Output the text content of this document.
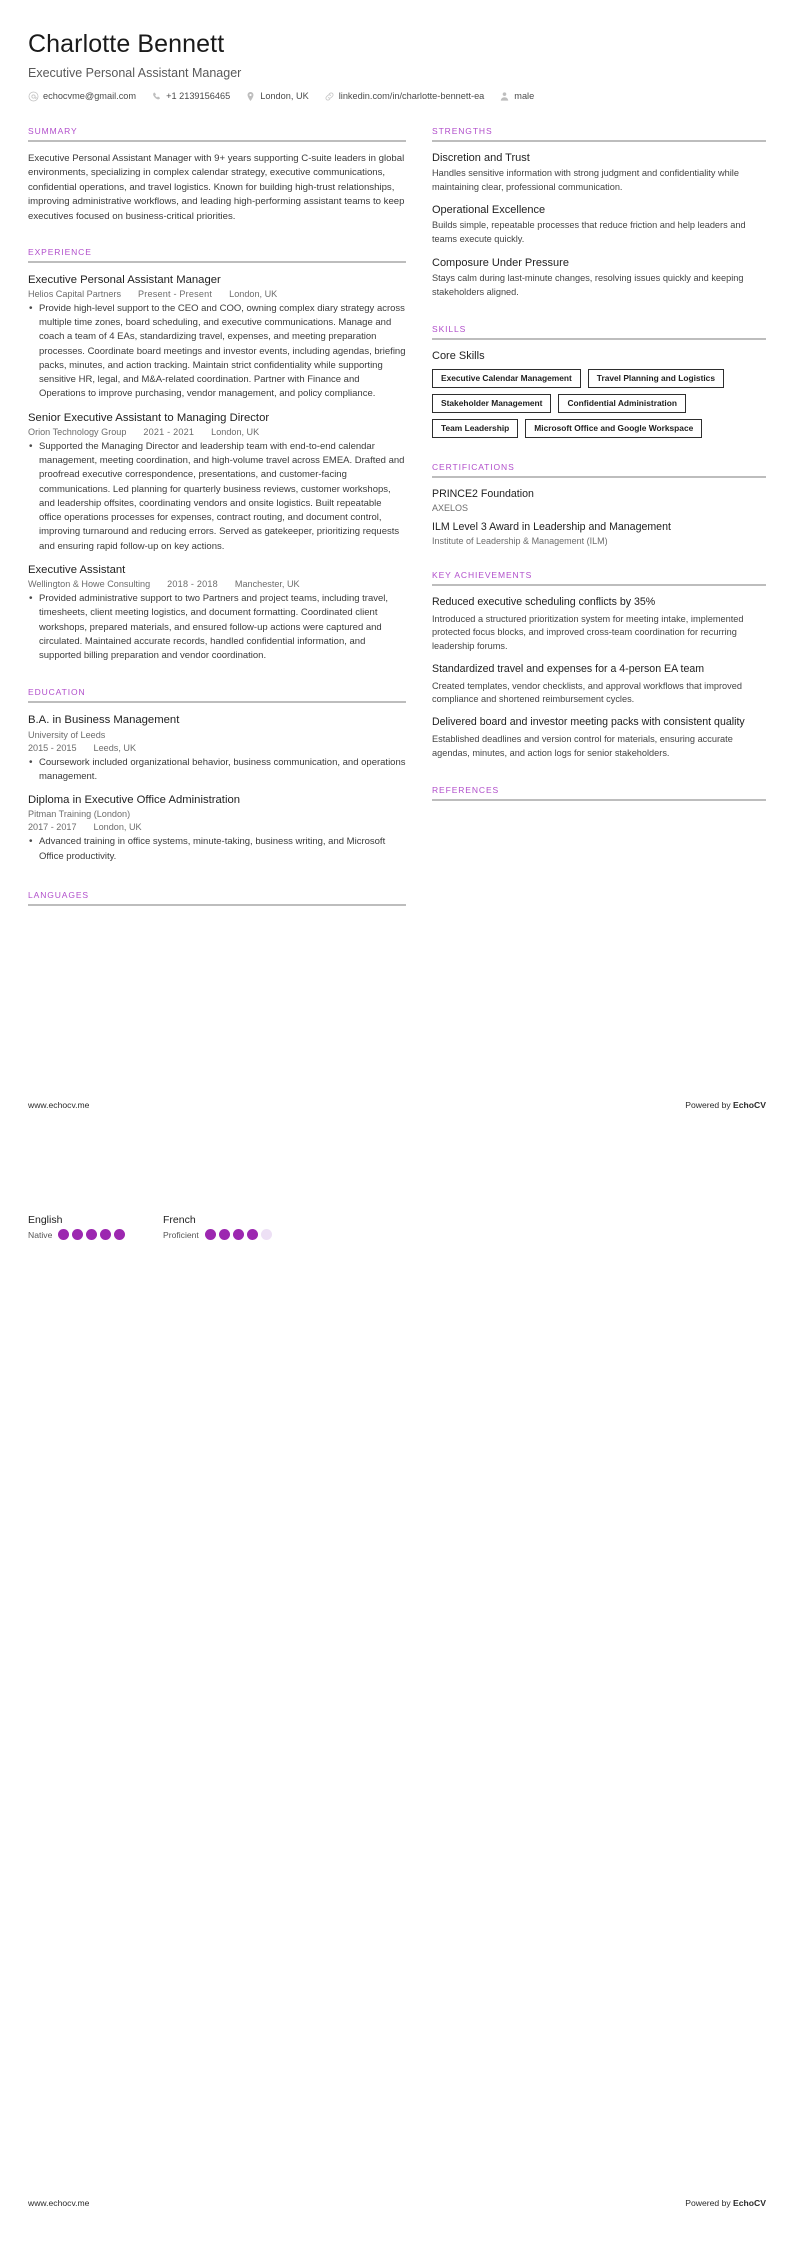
Charlotte Bennett
Executive Personal Assistant Manager
echocvme@gmail.com	+1 2139156465	London, UK	linkedin.com/in/charlotte-bennett-ea	male
SUMMARY
Executive Personal Assistant Manager with 9+ years supporting C-suite leaders in global environments, specializing in complex calendar strategy, executive communications, confidential operations, and travel logistics. Known for building high-trust relationships, improving administrative workflows, and leading high-performing assistant teams to keep executives focused on business-critical priorities.
EXPERIENCE
Executive Personal Assistant Manager
Helios Capital Partners Present - Present London, UK
• Provide high-level support to the CEO and COO, owning complex diary strategy across multiple time zones, board scheduling, and executive communications. Manage and coach a team of 4 EAs, standardizing travel, expenses, and meeting preparation processes. Coordinate board meetings and investor events, including agendas, briefing packs, minutes, and action tracking. Maintain strict confidentiality while supporting sensitive HR, legal, and M&A-related coordination. Partner with Finance and Operations to improve purchasing, vendor management, and policy compliance.
Senior Executive Assistant to Managing Director
Orion Technology Group 2021 - 2021 London, UK
• Supported the Managing Director and leadership team with end-to-end calendar management, meeting coordination, and high-volume travel across EMEA. Drafted and proofread executive correspondence, presentations, and customer-facing communications. Led planning for quarterly business reviews, customer workshops, and leadership offsites, coordinating vendors and onsite logistics. Built repeatable office operations processes for expenses, contract routing, and document control, improving turnaround and reducing errors. Served as gatekeeper, prioritizing requests and ensuring rapid follow-up on key actions.
Executive Assistant
Wellington & Howe Consulting 2018 - 2018 Manchester, UK
• Provided administrative support to two Partners and project teams, including travel, timesheets, client meeting logistics, and document formatting. Coordinated client workshops, prepared materials, and ensured follow-up actions were captured and circulated. Maintained accurate records, handled confidential information, and supported billing preparation and vendor coordination.
EDUCATION
B.A. in Business Management
University of Leeds
2015 - 2015 Leeds, UK
• Coursework included organizational behavior, business communication, and operations management.
Diploma in Executive Office Administration
Pitman Training (London)
2017 - 2017 London, UK
• Advanced training in office systems, minute-taking, business writing, and Microsoft Office productivity.
LANGUAGES
STRENGTHS
Discretion and Trust
Handles sensitive information with strong judgment and confidentiality while maintaining clear, professional communication.
Operational Excellence
Builds simple, repeatable processes that reduce friction and help leaders and teams execute quickly.
Composure Under Pressure
Stays calm during last-minute changes, resolving issues quickly and keeping stakeholders aligned.
SKILLS
Core Skills
Executive Calendar Management	Travel Planning and Logistics
Stakeholder Management	Confidential Administration
Team Leadership	Microsoft Office and Google Workspace
CERTIFICATIONS
PRINCE2 Foundation
AXELOS
ILM Level 3 Award in Leadership and Management
Institute of Leadership & Management (ILM)
KEY ACHIEVEMENTS
Reduced executive scheduling conflicts by 35%
Introduced a structured prioritization system for meeting intake, implemented protected focus blocks, and improved cross-team coordination for recurring leadership forums.
Standardized travel and expenses for a 4-person EA team
Created templates, vendor checklists, and approval workflows that improved compliance and shortened reimbursement cycles.
Delivered board and investor meeting packs with consistent quality
Established deadlines and version control for materials, ensuring accurate agendas, minutes, and action logs for senior stakeholders.
REFERENCES
www.echocv.me	Powered by EchoCV
English
Native
French
Proficient
www.echocv.me	Powered by EchoCV
